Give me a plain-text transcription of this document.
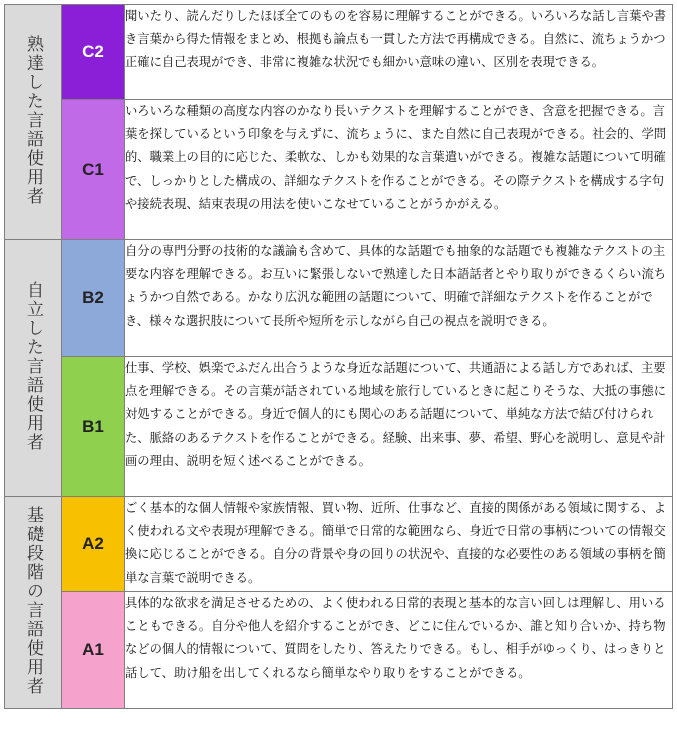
熟達した言語使用者	C2	聞いたり、読んだりしたほぼ全てのものを容易に理解することができる。いろいろな話し言葉や書き言葉から得た情報をまとめ、根拠も論点も一貫した方法で再構成できる。自然に、流ちょうかつ正確に自己表現ができ、非常に複雑な状況でも細かい意味の違い、区別を表現できる。
	C1	いろいろな種類の高度な内容のかなり長いテクストを理解することができ、含意を把握できる。言葉を探しているという印象を与えずに、流ちょうに、また自然に自己表現ができる。社会的、学問的、職業上の目的に応じた、柔軟な、しかも効果的な言葉遣いができる。複雑な話題について明確で、しっかりとした構成の、詳細なテクストを作ることができる。その際テクストを構成する字句や接続表現、結束表現の用法を使いこなせていることがうかがえる。
自立した言語使用者	B2	自分の専門分野の技術的な議論も含めて、具体的な話題でも抽象的な話題でも複雑なテクストの主要な内容を理解できる。お互いに緊張しないで熟達した日本語話者とやり取りができるくらい流ちょうかつ自然である。かなり広汎な範囲の話題について、明確で詳細なテクストを作ることができ、様々な選択肢について長所や短所を示しながら自己の視点を説明できる。
	B1	仕事、学校、娯楽でふだん出合うような身近な話題について、共通語による話し方であれば、主要点を理解できる。その言葉が話されている地域を旅行しているときに起こりそうな、大抵の事態に対処することができる。身近で個人的にも関心のある話題について、単純な方法で結び付けられた、脈絡のあるテクストを作ることができる。経験、出来事、夢、希望、野心を説明し、意見や計画の理由、説明を短く述べることができる。
基礎段階の言語使用者	A2	ごく基本的な個人情報や家族情報、買い物、近所、仕事など、直接的関係がある領域に関する、よく使われる文や表現が理解できる。簡単で日常的な範囲なら、身近で日常の事柄についての情報交換に応じることができる。自分の背景や身の回りの状況や、直接的な必要性のある領域の事柄を簡単な言葉で説明できる。
	A1	具体的な欲求を満足させるための、よく使われる日常的表現と基本的な言い回しは理解し、用いることもできる。自分や他人を紹介することができ、どこに住んでいるか、誰と知り合いか、持ち物などの個人的情報について、質問をしたり、答えたりできる。もし、相手がゆっくり、はっきりと話して、助け船を出してくれるなら簡単なやり取りをすることができる。
